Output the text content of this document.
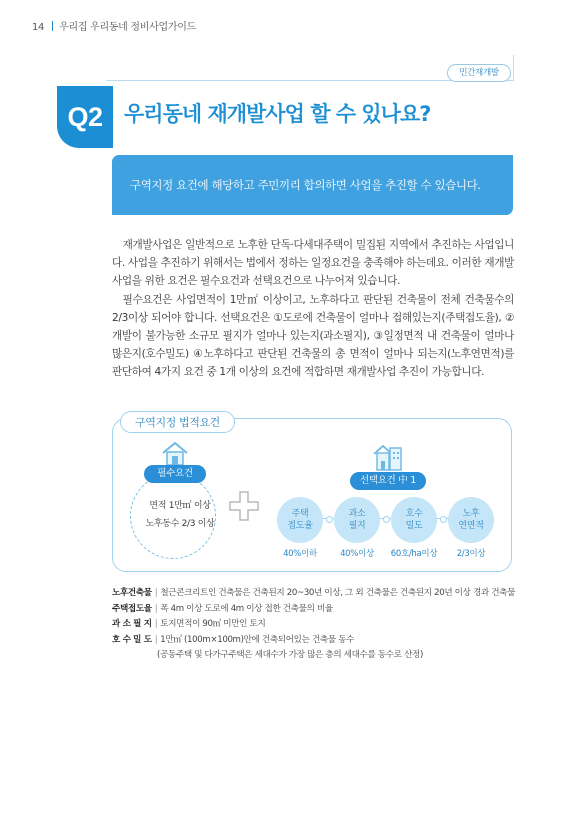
14 우리집 우리동네 정비사업가이드
민간재개발
Q2	우리동네 재개발사업 할 수 있나요?
구역지정 요건에 해당하고 주민끼리 합의하면 사업을 추진할 수 있습니다.

재개발사업은 일반적으로 노후한 단독·다세대주택이 밀집된 지역에서 추진하는 사업입니다. 사업을 추진하기 위해서는 법에서 정하는 일정요건을 충족해야 하는데요. 이러한 재개발사업을 위한 요건은 필수요건과 선택요건으로 나누어져 있습니다.

필수요건은 사업면적이 1만㎡ 이상이고, 노후하다고 판단된 건축물이 전체 건축물수의 2/3이상 되어야 합니다. 선택요건은 ①도로에 건축물이 얼마나 접해있는지(주택접도율), ②개발이 불가능한 소규모 필지가 얼마나 있는지(과소필지), ③일정면적 내 건축물이 얼마나 많은지(호수밀도) ④노후하다고 판단된 건축물의 총 면적이 얼마나 되는지(노후연면적)를 판단하여 4가지 요건 중 1개 이상의 요건에 적합하면 재개발사업 추진이 가능합니다.

구역지정 법적요건
필수요건
면적 1만㎡ 이상
노후동수 2/3 이상
선택요건 中 1
주택
접도율
과소
필지
호수
밀도
노후
연면적
40%이하	40%이상	60호/ha이상	2/3이상
노후건축물 | 철근콘크리트인 건축물은 건축된지 20~30년 이상, 그 외 건축물은 건축된지 20년 이상 경과 건축물
주택접도율 | 폭 4m 이상 도로에 4m 이상 접한 건축물의 비율
과 소 필 지 | 토지면적이 90㎡ 미만인 토지
호 수 밀 도 | 1만㎡ (100m×100m)안에 건축되어있는 건축물 동수
(공동주택 및 다가구주택은 세대수가 가장 많은 층의 세대수를 동수로 산정)
